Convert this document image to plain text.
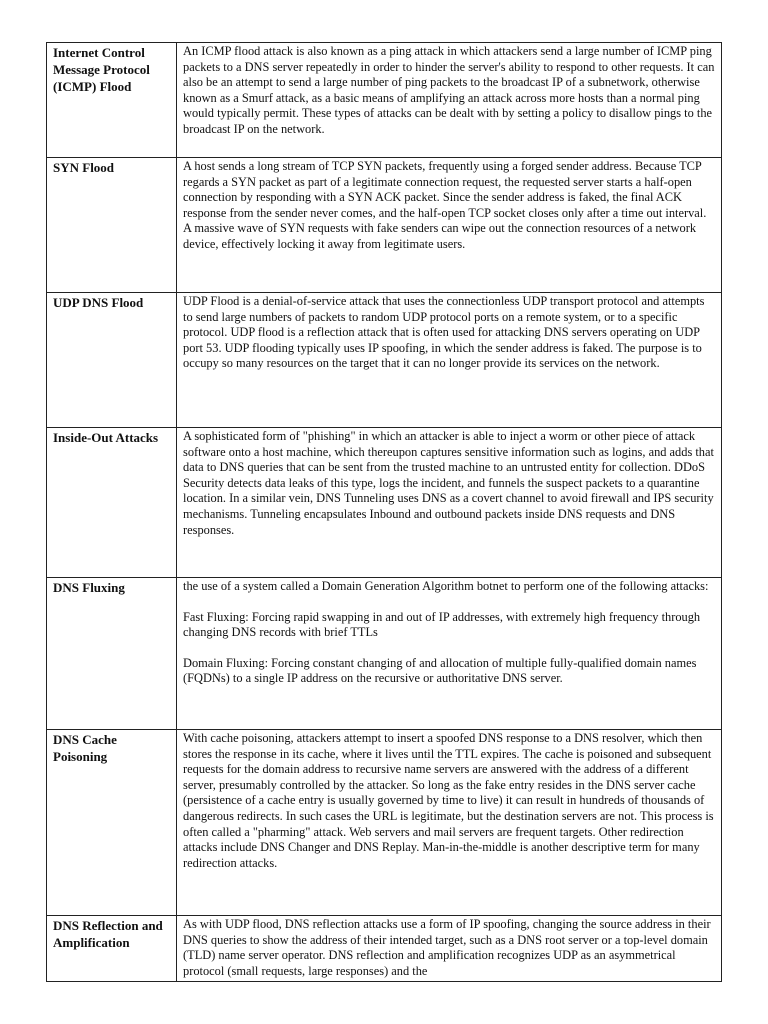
Internet Control Message Protocol (ICMP) Flood	An ICMP flood attack is also known as a ping attack in which attackers send a large number of ICMP ping packets to a DNS server repeatedly in order to hinder the server's ability to respond to other requests. It can also be an attempt to send a large number of ping packets to the broadcast IP of a subnetwork, otherwise known as a Smurf attack, as a basic means of amplifying an attack across more hosts than a normal ping would typically permit. These types of attacks can be dealt with by setting a policy to disallow pings to the broadcast IP on the network.

SYN Flood	A host sends a long stream of TCP SYN packets, frequently using a forged sender address. Because TCP regards a SYN packet as part of a legitimate connection request, the requested server starts a half-open connection by responding with a SYN ACK packet. Since the sender address is faked, the final ACK response from the sender never comes, and the half-open TCP socket closes only after a time out interval. A massive wave of SYN requests with fake senders can wipe out the connection resources of a network device, effectively locking it away from legitimate users.

UDP DNS Flood	UDP Flood is a denial-of-service attack that uses the connectionless UDP transport protocol and attempts to send large numbers of packets to random UDP protocol ports on a remote system, or to a specific protocol. UDP flood is a reflection attack that is often used for attacking DNS servers operating on UDP port 53. UDP flooding typically uses IP spoofing, in which the sender address is faked. The purpose is to occupy so many resources on the target that it can no longer provide its services on the network.

Inside-Out Attacks	A sophisticated form of "phishing" in which an attacker is able to inject a worm or other piece of attack software onto a host machine, which thereupon captures sensitive information such as logins, and adds that data to DNS queries that can be sent from the trusted machine to an untrusted entity for collection. DDoS Security detects data leaks of this type, logs the incident, and funnels the suspect packets to a quarantine location. In a similar vein, DNS Tunneling uses DNS as a covert channel to avoid firewall and IPS security mechanisms. Tunneling encapsulates Inbound and outbound packets inside DNS requests and DNS responses.

DNS Fluxing	the use of a system called a Domain Generation Algorithm botnet to perform one of the following attacks:

Fast Fluxing: Forcing rapid swapping in and out of IP addresses, with extremely high frequency through changing DNS records with brief TTLs

Domain Fluxing: Forcing constant changing of and allocation of multiple fully-qualified domain names (FQDNs) to a single IP address on the recursive or authoritative DNS server.

DNS Cache Poisoning	With cache poisoning, attackers attempt to insert a spoofed DNS response to a DNS resolver, which then stores the response in its cache, where it lives until the TTL expires. The cache is poisoned and subsequent requests for the domain address to recursive name servers are answered with the address of a different server, presumably controlled by the attacker. So long as the fake entry resides in the DNS server cache (persistence of a cache entry is usually governed by time to live) it can result in hundreds of thousands of dangerous redirects. In such cases the URL is legitimate, but the destination servers are not. This process is often called a "pharming" attack. Web servers and mail servers are frequent targets. Other redirection attacks include DNS Changer and DNS Replay. Man-in-the-middle is another descriptive term for many redirection attacks.

DNS Reflection and Amplification	As with UDP flood, DNS reflection attacks use a form of IP spoofing, changing the source address in their DNS queries to show the address of their intended target, such as a DNS root server or a top-level domain (TLD) name server operator. DNS reflection and amplification recognizes UDP as an asymmetrical protocol (small requests, large responses) and the
